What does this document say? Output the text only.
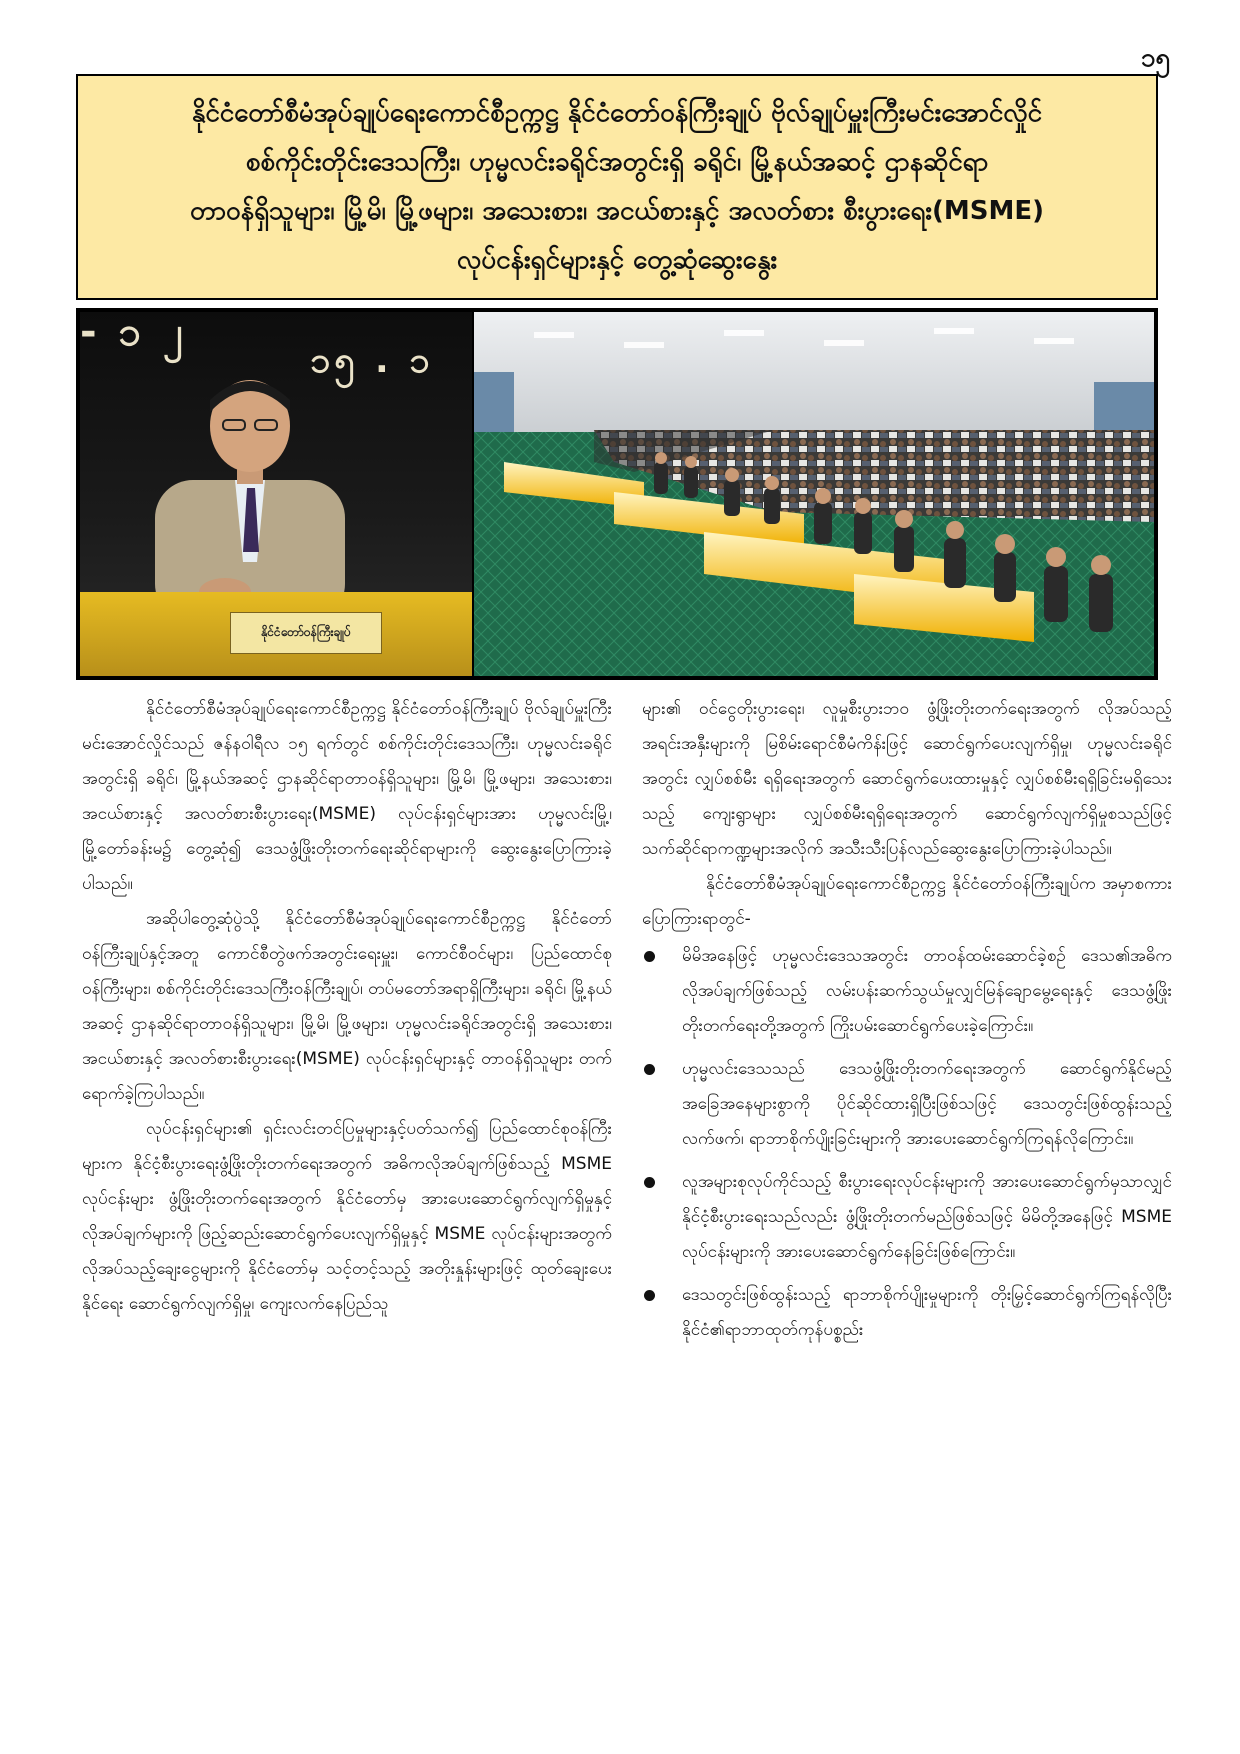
၁၅
နိုင်ငံတော်စီမံအုပ်ချုပ်ရေးကောင်စီဥက္ကဋ္ဌ နိုင်ငံတော်ဝန်ကြီးချုပ် ဗိုလ်ချုပ်မှူးကြီးမင်းအောင်လှိုင်
စစ်ကိုင်းတိုင်းဒေသကြီး၊ ဟုမ္မလင်းခရိုင်အတွင်းရှိ ခရိုင်၊ မြို့နယ်အဆင့် ဌာနဆိုင်ရာ
တာဝန်ရှိသူများ၊ မြို့မိ၊ မြို့ဖများ၊ အသေးစား၊ အငယ်စားနှင့် အလတ်စား စီးပွားရေး(MSME)
လုပ်ငန်းရှင်များနှင့် တွေ့ဆုံဆွေးနွေး
- ၁ ၂
၁၅ . ၁
နိုင်ငံတော်ဝန်ကြီးချုပ်

နိုင်ငံတော်စီမံအုပ်ချုပ်ရေးကောင်စီဥက္ကဋ္ဌ နိုင်ငံတော်ဝန်ကြီးချုပ် ဗိုလ်ချုပ်မှူးကြီး မင်းအောင်လှိုင်သည် ဇန်နဝါရီလ ၁၅ ရက်တွင် စစ်ကိုင်းတိုင်းဒေသကြီး၊ ဟုမ္မလင်းခရိုင်အတွင်းရှိ ခရိုင်၊ မြို့နယ်အဆင့် ဌာနဆိုင်ရာတာဝန်ရှိသူများ၊ မြို့မိ၊ မြို့ဖများ၊ အသေးစား၊ အငယ်စားနှင့် အလတ်စားစီးပွားရေး(MSME) လုပ်ငန်းရှင်များအား ဟုမ္မလင်းမြို့၊ မြို့တော်ခန်းမ၌ တွေ့ဆုံ၍ ဒေသဖွံ့ဖြိုးတိုးတက်ရေးဆိုင်ရာများကို ဆွေးနွေးပြောကြားခဲ့ပါသည်။

အဆိုပါတွေ့ဆုံပွဲသို့ နိုင်ငံတော်စီမံအုပ်ချုပ်ရေးကောင်စီဥက္ကဋ္ဌ နိုင်ငံတော်ဝန်ကြီးချုပ်နှင့်အတူ ကောင်စီတွဲဖက်အတွင်းရေးမှူး၊ ကောင်စီဝင်များ၊ ပြည်ထောင်စုဝန်ကြီးများ၊ စစ်ကိုင်းတိုင်းဒေသကြီးဝန်ကြီးချုပ်၊ တပ်မတော်အရာရှိကြီးများ၊ ခရိုင်၊ မြို့နယ်အဆင့် ဌာနဆိုင်ရာတာဝန်ရှိသူများ၊ မြို့မိ၊ မြို့ဖများ၊ ဟုမ္မလင်းခရိုင်အတွင်းရှိ အသေးစား၊ အငယ်စားနှင့် အလတ်စားစီးပွားရေး(MSME) လုပ်ငန်းရှင်များနှင့် တာဝန်ရှိသူများ တက်ရောက်ခဲ့ကြပါသည်။

လုပ်ငန်းရှင်များ၏ ရှင်းလင်းတင်ပြမှုများနှင့်ပတ်သက်၍ ပြည်ထောင်စုဝန်ကြီးများက နိုင်ငံ့စီးပွားရေးဖွံ့ဖြိုးတိုးတက်ရေးအတွက် အဓိကလိုအပ်ချက်ဖြစ်သည့် MSME လုပ်ငန်းများ ဖွံ့ဖြိုးတိုးတက်ရေးအတွက် နိုင်ငံတော်မှ အားပေးဆောင်ရွက်လျက်ရှိမှုနှင့် လိုအပ်ချက်များကို ဖြည့်ဆည်းဆောင်ရွက်ပေးလျက်ရှိမှုနှင့် MSME လုပ်ငန်းများအတွက် လိုအပ်သည့်ချေးငွေများကို နိုင်ငံတော်မှ သင့်တင့်သည့် အတိုးနှုန်းများဖြင့် ထုတ်ချေးပေးနိုင်ရေး ဆောင်ရွက်လျက်ရှိမှု၊ ကျေးလက်နေပြည်သူ

များ၏ ဝင်ငွေတိုးပွားရေး၊ လူမှုစီးပွားဘဝ ဖွံ့ဖြိုးတိုးတက်ရေးအတွက် လိုအပ်သည့်အရင်းအနှီးများကို မြစိမ်းရောင်စီမံကိန်းဖြင့် ဆောင်ရွက်ပေးလျက်ရှိမှု၊ ဟုမ္မလင်းခရိုင်အတွင်း လျှပ်စစ်မီး ရရှိရေးအတွက် ဆောင်ရွက်ပေးထားမှုနှင့် လျှပ်စစ်မီးရရှိခြင်းမရှိသေးသည့် ကျေးရွာများ လျှပ်စစ်မီးရရှိရေးအတွက် ဆောင်ရွက်လျက်ရှိမှုစသည်ဖြင့် သက်ဆိုင်ရာကဏ္ဍများအလိုက် အသီးသီးပြန်လည်ဆွေးနွေးပြောကြားခဲ့ပါသည်။

နိုင်ငံတော်စီမံအုပ်ချုပ်ရေးကောင်စီဥက္ကဋ္ဌ နိုင်ငံတော်ဝန်ကြီးချုပ်က အမှာစကား ပြောကြားရာတွင်-

မိမိအနေဖြင့် ဟုမ္မလင်းဒေသအတွင်း တာဝန်ထမ်းဆောင်ခဲ့စဉ် ဒေသ၏အဓိကလိုအပ်ချက်ဖြစ်သည့် လမ်းပန်းဆက်သွယ်မှုလျှင်မြန်ချောမွေ့ရေးနှင့် ဒေသဖွံ့ဖြိုးတိုးတက်ရေးတို့အတွက် ကြိုးပမ်းဆောင်ရွက်ပေးခဲ့ကြောင်း။
ဟုမ္မလင်းဒေသသည် ဒေသဖွံ့ဖြိုးတိုးတက်ရေးအတွက် ဆောင်ရွက်နိုင်မည့် အခြေအနေများစွာကို ပိုင်ဆိုင်ထားရှိပြီးဖြစ်သဖြင့် ဒေသတွင်းဖြစ်ထွန်းသည့် လက်ဖက်၊ ရာဘာစိုက်ပျိုးခြင်းများကို အားပေးဆောင်ရွက်ကြရန်လိုကြောင်း။
လူအများစုလုပ်ကိုင်သည့် စီးပွားရေးလုပ်ငန်းများကို အားပေးဆောင်ရွက်မှသာလျှင် နိုင်ငံ့စီးပွားရေးသည်လည်း ဖွံ့ဖြိုးတိုးတက်မည်ဖြစ်သဖြင့် မိမိတို့အနေဖြင့် MSME လုပ်ငန်းများကို အားပေးဆောင်ရွက်နေခြင်းဖြစ်ကြောင်း။
ဒေသတွင်းဖြစ်ထွန်းသည့် ရာဘာစိုက်ပျိုးမှုများကို တိုးမြှင့်ဆောင်ရွက်ကြရန်လိုပြီး နိုင်ငံ၏ရာဘာထုတ်ကုန်ပစ္စည်း
